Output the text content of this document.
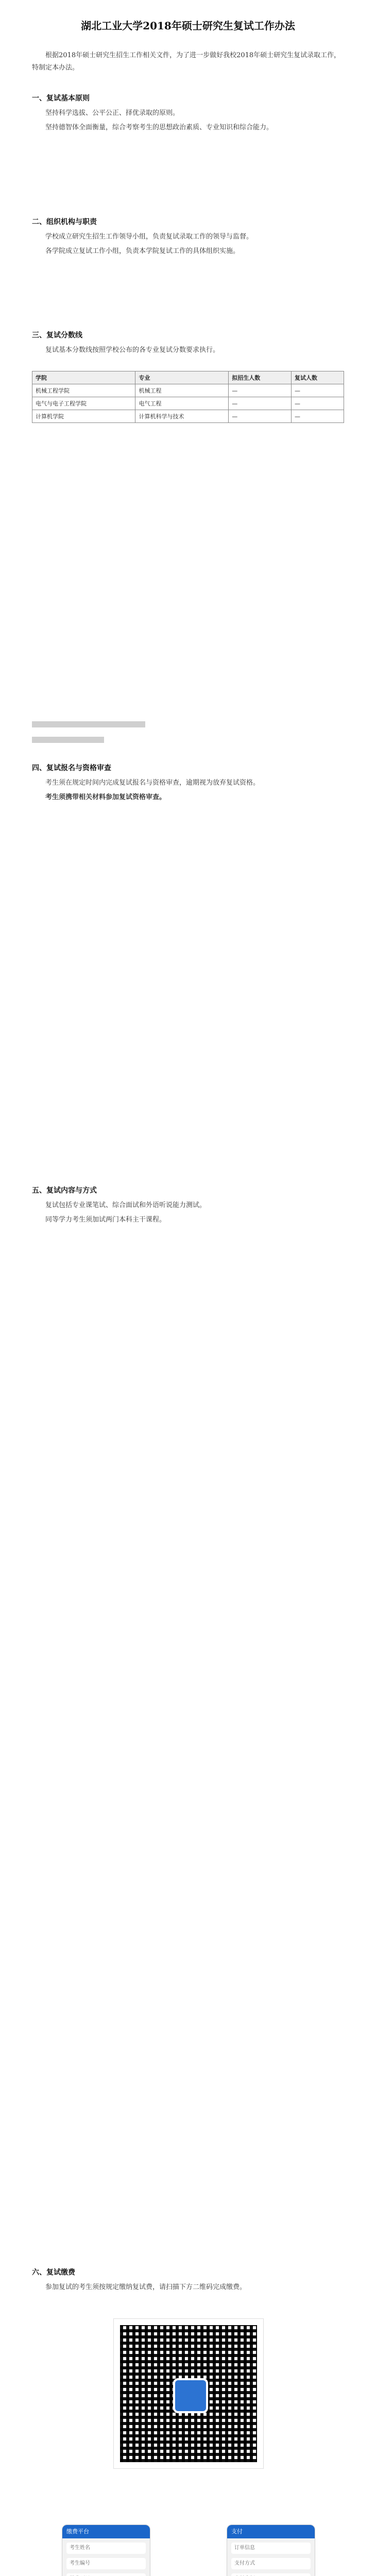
湖北工业大学2018年硕士研究生复试工作办法
根据2018年硕士研究生招生工作相关文件，为了进一步做好我校2018年硕士研究生复试录取工作，特制定本办法。
一、复试基本原则

坚持科学选拔、公平公正、择优录取的原则。

坚持德智体全面衡量，综合考察考生的思想政治素质、专业知识和综合能力。

二、组织机构与职责

学校成立研究生招生工作领导小组，负责复试录取工作的领导与监督。

各学院成立复试工作小组，负责本学院复试工作的具体组织实施。

三、复试分数线

复试基本分数线按照学校公布的各专业复试分数要求执行。

学院	专业	拟招生人数	复试人数
机械工程学院	机械工程	—	—
电气与电子工程学院	电气工程	—	—
计算机学院	计算机科学与技术	—	—
四、复试报名与资格审查

考生须在规定时间内完成复试报名与资格审查，逾期视为放弃复试资格。

考生须携带相关材料参加复试资格审查。

五、复试内容与方式

复试包括专业课笔试、综合面试和外语听说能力测试。

同等学力考生须加试两门本科主干课程。

六、复试缴费

参加复试的考生须按规定缴纳复试费，请扫描下方二维码完成缴费。

缴费平台
考生姓名
考生编号
支付
订单信息
支付方式
